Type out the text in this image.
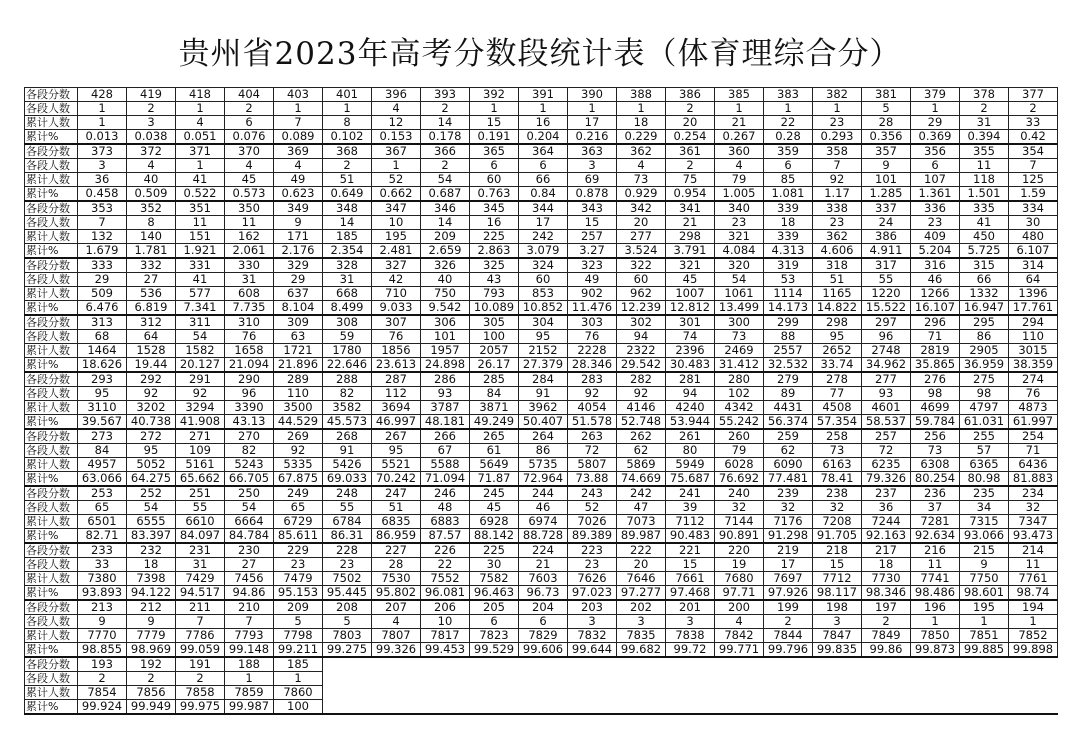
贵州省2023年高考分数段统计表（体育理综合分）
各段分数	428	419	418	404	403	401	396	393	392	391	390	388	386	385	383	382	381	379	378	377
各段人数	1	2	1	2	1	1	4	2	1	1	1	1	2	1	1	1	5	1	2	2
累计人数	1	3	4	6	7	8	12	14	15	16	17	18	20	21	22	23	28	29	31	33
累计%	0.013	0.038	0.051	0.076	0.089	0.102	0.153	0.178	0.191	0.204	0.216	0.229	0.254	0.267	0.28	0.293	0.356	0.369	0.394	0.42
各段分数	373	372	371	370	369	368	367	366	365	364	363	362	361	360	359	358	357	356	355	354
各段人数	3	4	1	4	4	2	1	2	6	6	3	4	2	4	6	7	9	6	11	7
累计人数	36	40	41	45	49	51	52	54	60	66	69	73	75	79	85	92	101	107	118	125
累计%	0.458	0.509	0.522	0.573	0.623	0.649	0.662	0.687	0.763	0.84	0.878	0.929	0.954	1.005	1.081	1.17	1.285	1.361	1.501	1.59
各段分数	353	352	351	350	349	348	347	346	345	344	343	342	341	340	339	338	337	336	335	334
各段人数	7	8	11	11	9	14	10	14	16	17	15	20	21	23	18	23	24	23	41	30
累计人数	132	140	151	162	171	185	195	209	225	242	257	277	298	321	339	362	386	409	450	480
累计%	1.679	1.781	1.921	2.061	2.176	2.354	2.481	2.659	2.863	3.079	3.27	3.524	3.791	4.084	4.313	4.606	4.911	5.204	5.725	6.107
各段分数	333	332	331	330	329	328	327	326	325	324	323	322	321	320	319	318	317	316	315	314
各段人数	29	27	41	31	29	31	42	40	43	60	49	60	45	54	53	51	55	46	66	64
累计人数	509	536	577	608	637	668	710	750	793	853	902	962	1007	1061	1114	1165	1220	1266	1332	1396
累计%	6.476	6.819	7.341	7.735	8.104	8.499	9.033	9.542	10.089	10.852	11.476	12.239	12.812	13.499	14.173	14.822	15.522	16.107	16.947	17.761
各段分数	313	312	311	310	309	308	307	306	305	304	303	302	301	300	299	298	297	296	295	294
各段人数	68	64	54	76	63	59	76	101	100	95	76	94	74	73	88	95	96	71	86	110
累计人数	1464	1528	1582	1658	1721	1780	1856	1957	2057	2152	2228	2322	2396	2469	2557	2652	2748	2819	2905	3015
累计%	18.626	19.44	20.127	21.094	21.896	22.646	23.613	24.898	26.17	27.379	28.346	29.542	30.483	31.412	32.532	33.74	34.962	35.865	36.959	38.359
各段分数	293	292	291	290	289	288	287	286	285	284	283	282	281	280	279	278	277	276	275	274
各段人数	95	92	92	96	110	82	112	93	84	91	92	92	94	102	89	77	93	98	98	76
累计人数	3110	3202	3294	3390	3500	3582	3694	3787	3871	3962	4054	4146	4240	4342	4431	4508	4601	4699	4797	4873
累计%	39.567	40.738	41.908	43.13	44.529	45.573	46.997	48.181	49.249	50.407	51.578	52.748	53.944	55.242	56.374	57.354	58.537	59.784	61.031	61.997
各段分数	273	272	271	270	269	268	267	266	265	264	263	262	261	260	259	258	257	256	255	254
各段人数	84	95	109	82	92	91	95	67	61	86	72	62	80	79	62	73	72	73	57	71
累计人数	4957	5052	5161	5243	5335	5426	5521	5588	5649	5735	5807	5869	5949	6028	6090	6163	6235	6308	6365	6436
累计%	63.066	64.275	65.662	66.705	67.875	69.033	70.242	71.094	71.87	72.964	73.88	74.669	75.687	76.692	77.481	78.41	79.326	80.254	80.98	81.883
各段分数	253	252	251	250	249	248	247	246	245	244	243	242	241	240	239	238	237	236	235	234
各段人数	65	54	55	54	65	55	51	48	45	46	52	47	39	32	32	32	36	37	34	32
累计人数	6501	6555	6610	6664	6729	6784	6835	6883	6928	6974	7026	7073	7112	7144	7176	7208	7244	7281	7315	7347
累计%	82.71	83.397	84.097	84.784	85.611	86.31	86.959	87.57	88.142	88.728	89.389	89.987	90.483	90.891	91.298	91.705	92.163	92.634	93.066	93.473
各段分数	233	232	231	230	229	228	227	226	225	224	223	222	221	220	219	218	217	216	215	214
各段人数	33	18	31	27	23	23	28	22	30	21	23	20	15	19	17	15	18	11	9	11
累计人数	7380	7398	7429	7456	7479	7502	7530	7552	7582	7603	7626	7646	7661	7680	7697	7712	7730	7741	7750	7761
累计%	93.893	94.122	94.517	94.86	95.153	95.445	95.802	96.081	96.463	96.73	97.023	97.277	97.468	97.71	97.926	98.117	98.346	98.486	98.601	98.74
各段分数	213	212	211	210	209	208	207	206	205	204	203	202	201	200	199	198	197	196	195	194
各段人数	9	9	7	7	5	5	4	10	6	6	3	3	3	4	2	3	2	1	1	1
累计人数	7770	7779	7786	7793	7798	7803	7807	7817	7823	7829	7832	7835	7838	7842	7844	7847	7849	7850	7851	7852
累计%	98.855	98.969	99.059	99.148	99.211	99.275	99.326	99.453	99.529	99.606	99.644	99.682	99.72	99.771	99.796	99.835	99.86	99.873	99.885	99.898
各段分数	193	192	191	188	185															
各段人数	2	2	2	1	1															
累计人数	7854	7856	7858	7859	7860															
累计%	99.924	99.949	99.975	99.987	100															
